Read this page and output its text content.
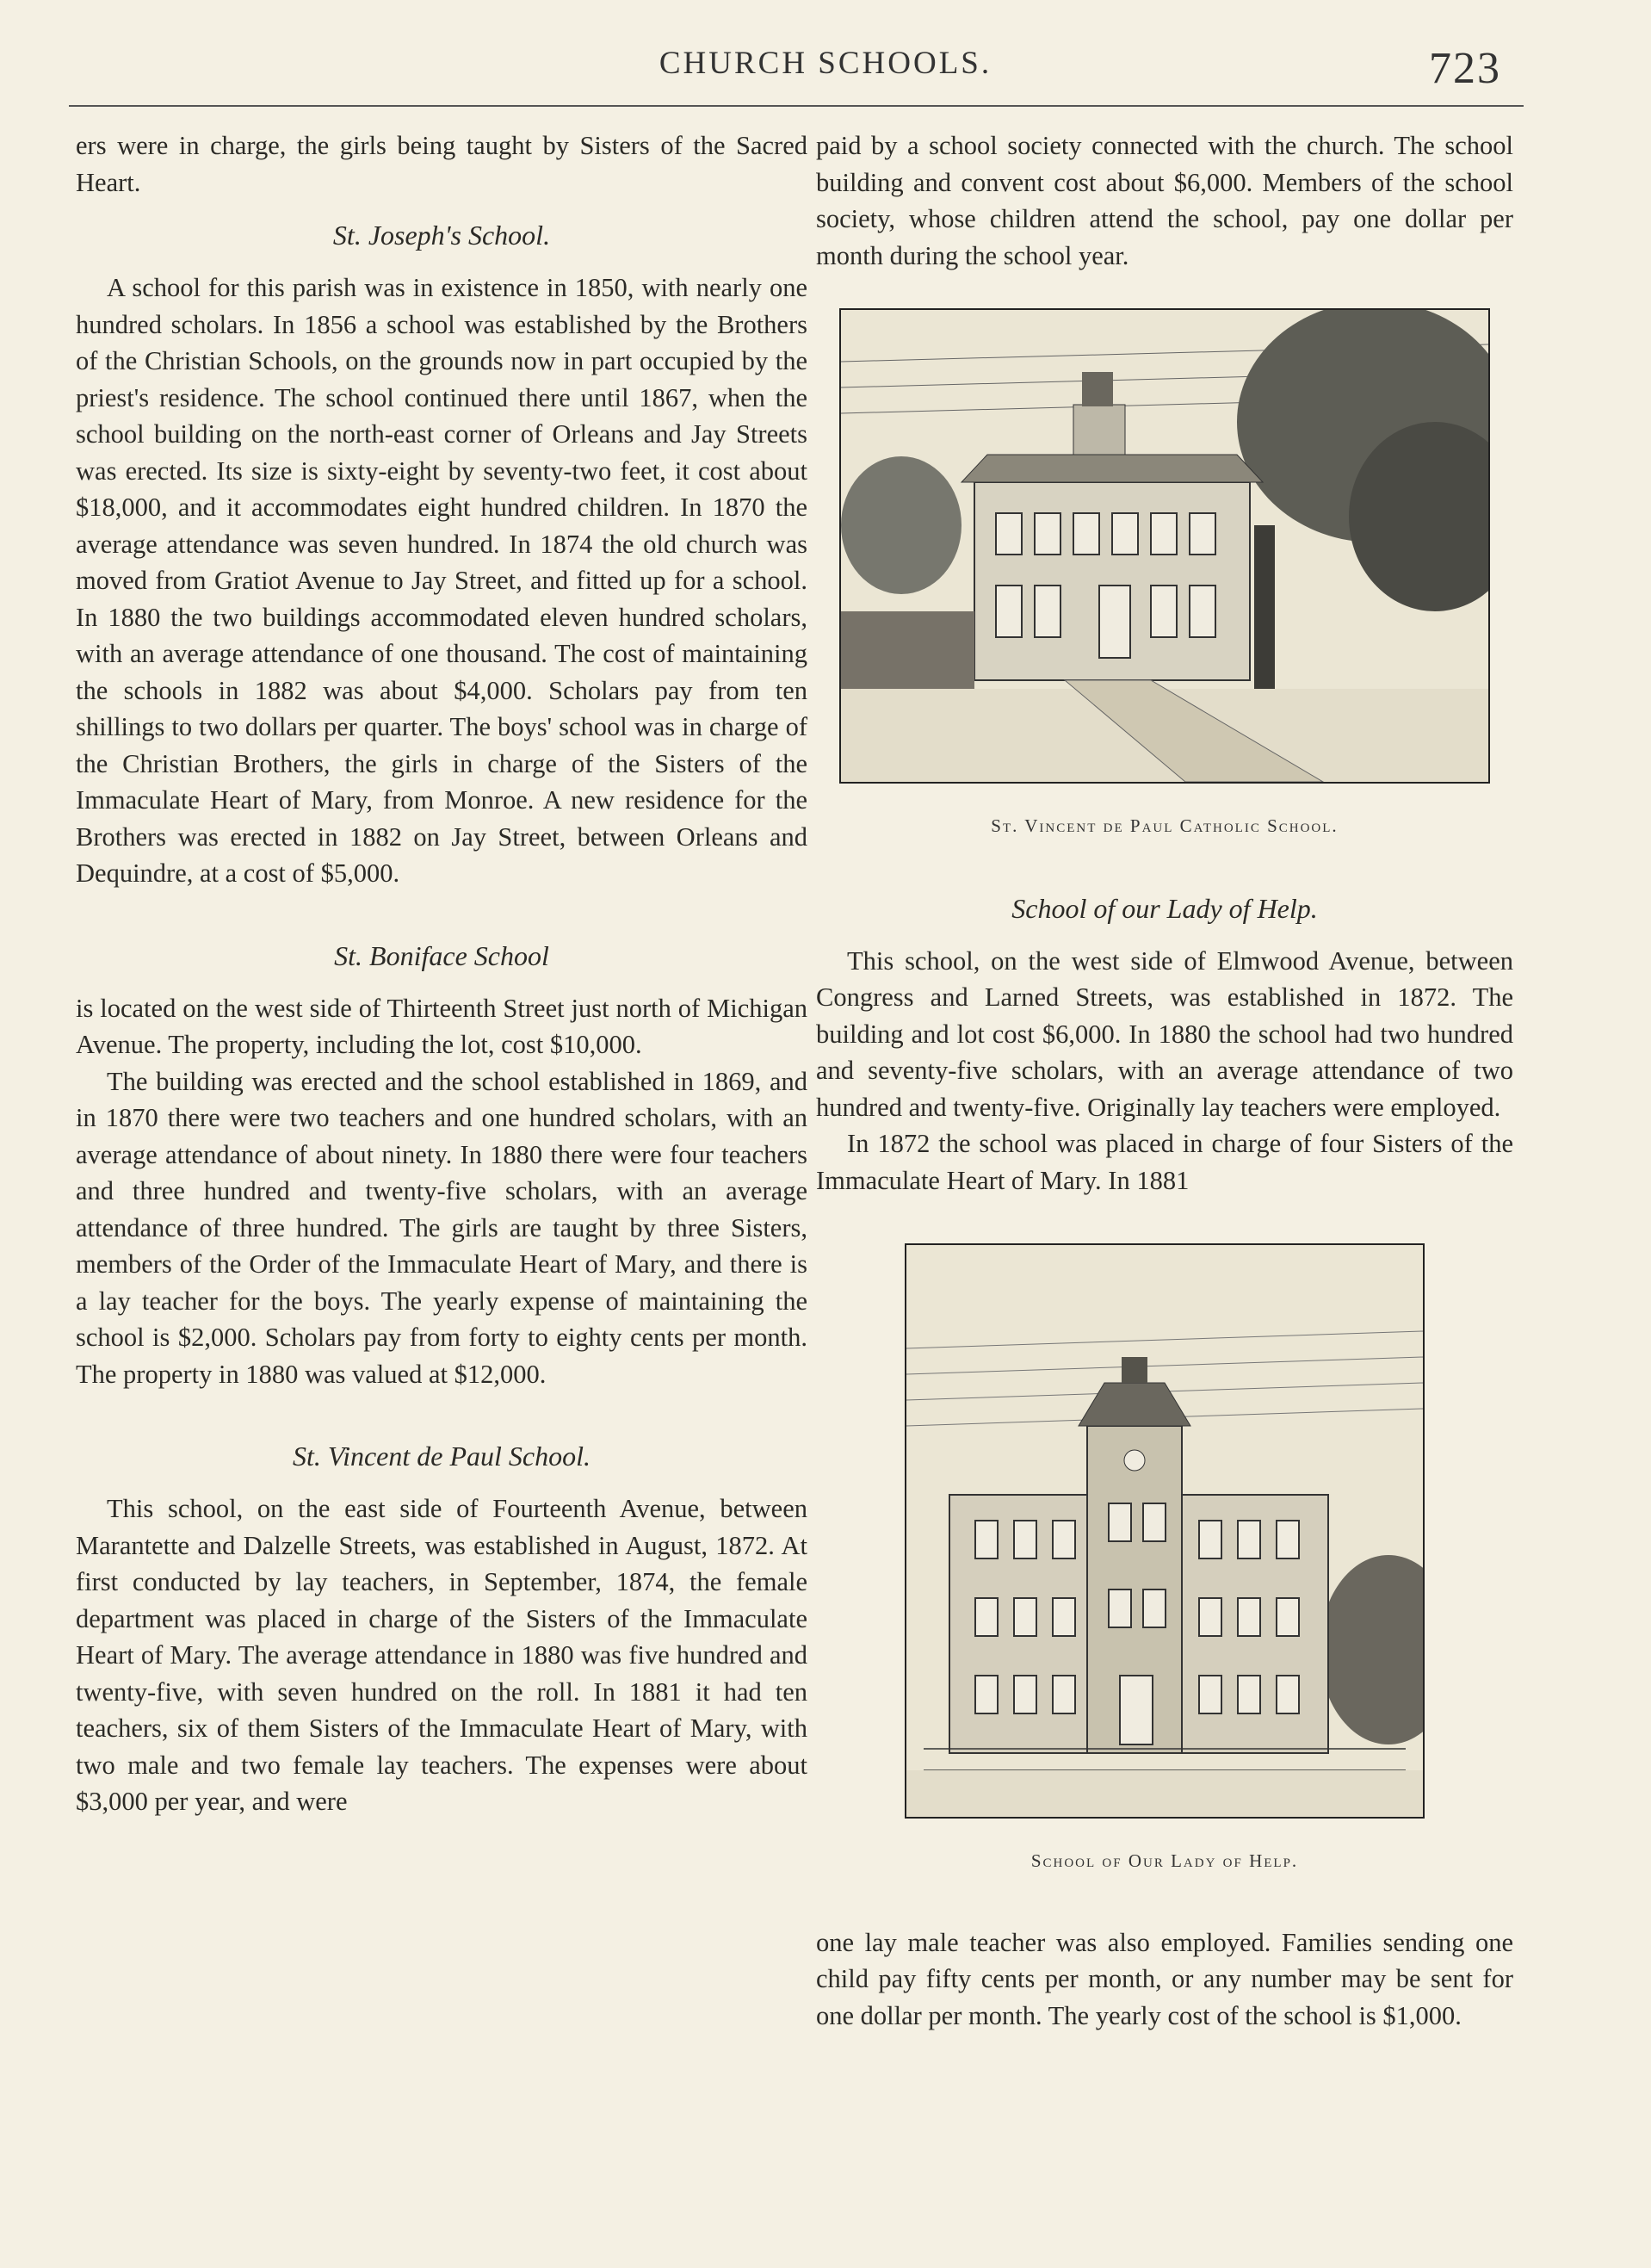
CHURCH SCHOOLS.	723

ers were in charge, the girls being taught by Sisters of the Sacred Heart.

St. Joseph's School.

A school for this parish was in existence in 1850, with nearly one hundred scholars. In 1856 a school was established by the Brothers of the Christian Schools, on the grounds now in part occupied by the priest's residence. The school continued there until 1867, when the school building on the north-east corner of Orleans and Jay Streets was erected. Its size is sixty-eight by seventy-two feet, it cost about $18,000, and it accommodates eight hundred children. In 1870 the average attendance was seven hundred. In 1874 the old church was moved from Gratiot Avenue to Jay Street, and fitted up for a school. In 1880 the two buildings accommodated eleven hundred scholars, with an average attendance of one thousand. The cost of maintaining the schools in 1882 was about $4,000. Scholars pay from ten shillings to two dollars per quarter. The boys' school was in charge of the Christian Brothers, the girls in charge of the Sisters of the Immaculate Heart of Mary, from Monroe. A new residence for the Brothers was erected in 1882 on Jay Street, between Orleans and Dequindre, at a cost of $5,000.

St. Boniface School

is located on the west side of Thirteenth Street just north of Michigan Avenue. The property, including the lot, cost $10,000.

The building was erected and the school established in 1869, and in 1870 there were two teachers and one hundred scholars, with an average attendance of about ninety. In 1880 there were four teachers and three hundred and twenty-five scholars, with an average attendance of three hundred. The girls are taught by three Sisters, members of the Order of the Immaculate Heart of Mary, and there is a lay teacher for the boys. The yearly expense of maintaining the school is $2,000. Scholars pay from forty to eighty cents per month. The property in 1880 was valued at $12,000.

St. Vincent de Paul School.

This school, on the east side of Fourteenth Avenue, between Marantette and Dalzelle Streets, was established in August, 1872. At first conducted by lay teachers, in September, 1874, the female department was placed in charge of the Sisters of the Immaculate Heart of Mary. The average attendance in 1880 was five hundred and twenty-five, with seven hundred on the roll. In 1881 it had ten teachers, six of them Sisters of the Immaculate Heart of Mary, with two male and two female lay teachers. The expenses were about $3,000 per year, and were

paid by a school society connected with the church. The school building and convent cost about $6,000. Members of the school society, whose children attend the school, pay one dollar per month during the school year.

St. Vincent de Paul Catholic School.
School of our Lady of Help.

This school, on the west side of Elmwood Avenue, between Congress and Larned Streets, was established in 1872. The building and lot cost $6,000. In 1880 the school had two hundred and seventy-five scholars, with an average attendance of two hundred and twenty-five. Originally lay teachers were employed.

In 1872 the school was placed in charge of four Sisters of the Immaculate Heart of Mary. In 1881

School of Our Lady of Help.

one lay male teacher was also employed. Families sending one child pay fifty cents per month, or any number may be sent for one dollar per month. The yearly cost of the school is $1,000.
